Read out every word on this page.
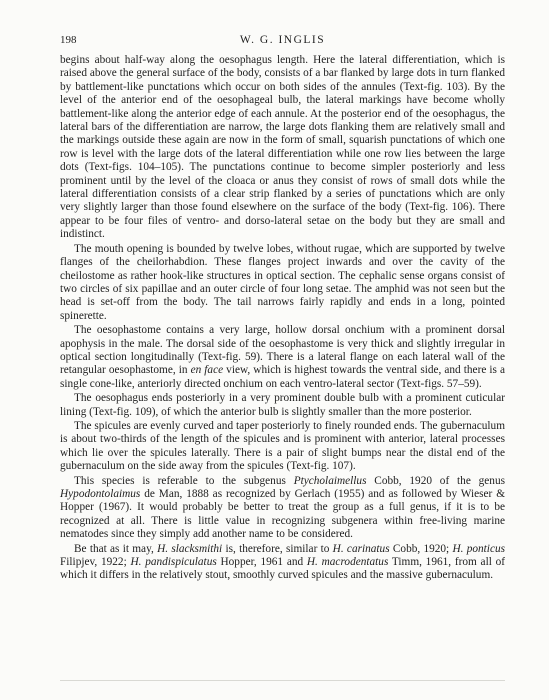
198	W. G. INGLIS

begins about half-way along the oesophagus length. Here the lateral differentiation, which is raised above the general surface of the body, consists of a bar flanked by large dots in turn flanked by battlement-like punctations which occur on both sides of the annules (Text-fig. 103). By the level of the anterior end of the oesophageal bulb, the lateral markings have become wholly battlement-like along the anterior edge of each annule. At the posterior end of the oesophagus, the lateral bars of the differentiation are narrow, the large dots flanking them are relatively small and the markings outside these again are now in the form of small, squarish punctations of which one row is level with the large dots of the lateral differentiation while one row lies between the large dots (Text-figs. 104–105). The punctations continue to become simpler posteriorly and less prominent until by the level of the cloaca or anus they consist of rows of small dots while the lateral differentiation consists of a clear strip flanked by a series of punctations which are only very slightly larger than those found elsewhere on the surface of the body (Text-fig. 106). There appear to be four files of ventro- and dorso-lateral setae on the body but they are small and indistinct.

The mouth opening is bounded by twelve lobes, without rugae, which are supported by twelve flanges of the cheilorhabdion. These flanges project inwards and over the cavity of the cheilostome as rather hook-like structures in optical section. The cephalic sense organs consist of two circles of six papillae and an outer circle of four long setae. The amphid was not seen but the head is set-off from the body. The tail narrows fairly rapidly and ends in a long, pointed spinerette.

The oesophastome contains a very large, hollow dorsal onchium with a prominent dorsal apophysis in the male. The dorsal side of the oesophastome is very thick and slightly irregular in optical section longitudinally (Text-fig. 59). There is a lateral flange on each lateral wall of the retangular oesophastome, in en face view, which is highest towards the ventral side, and there is a single cone-like, anteriorly directed onchium on each ventro-lateral sector (Text-figs. 57–59).

The oesophagus ends posteriorly in a very prominent double bulb with a prominent cuticular lining (Text-fig. 109), of which the anterior bulb is slightly smaller than the more posterior.

The spicules are evenly curved and taper posteriorly to finely rounded ends. The gubernaculum is about two-thirds of the length of the spicules and is prominent with anterior, lateral processes which lie over the spicules laterally. There is a pair of slight bumps near the distal end of the gubernaculum on the side away from the spicules (Text-fig. 107).

This species is referable to the subgenus Ptycholaimellus Cobb, 1920 of the genus Hypodontolaimus de Man, 1888 as recognized by Gerlach (1955) and as followed by Wieser & Hopper (1967). It would probably be better to treat the group as a full genus, if it is to be recognized at all. There is little value in recognizing subgenera within free-living marine nematodes since they simply add another name to be considered.

Be that as it may, H. slacksmithi is, therefore, similar to H. carinatus Cobb, 1920; H. ponticus Filipjev, 1922; H. pandispiculatus Hopper, 1961 and H. macrodentatus Timm, 1961, from all of which it differs in the relatively stout, smoothly curved spicules and the massive gubernaculum.
